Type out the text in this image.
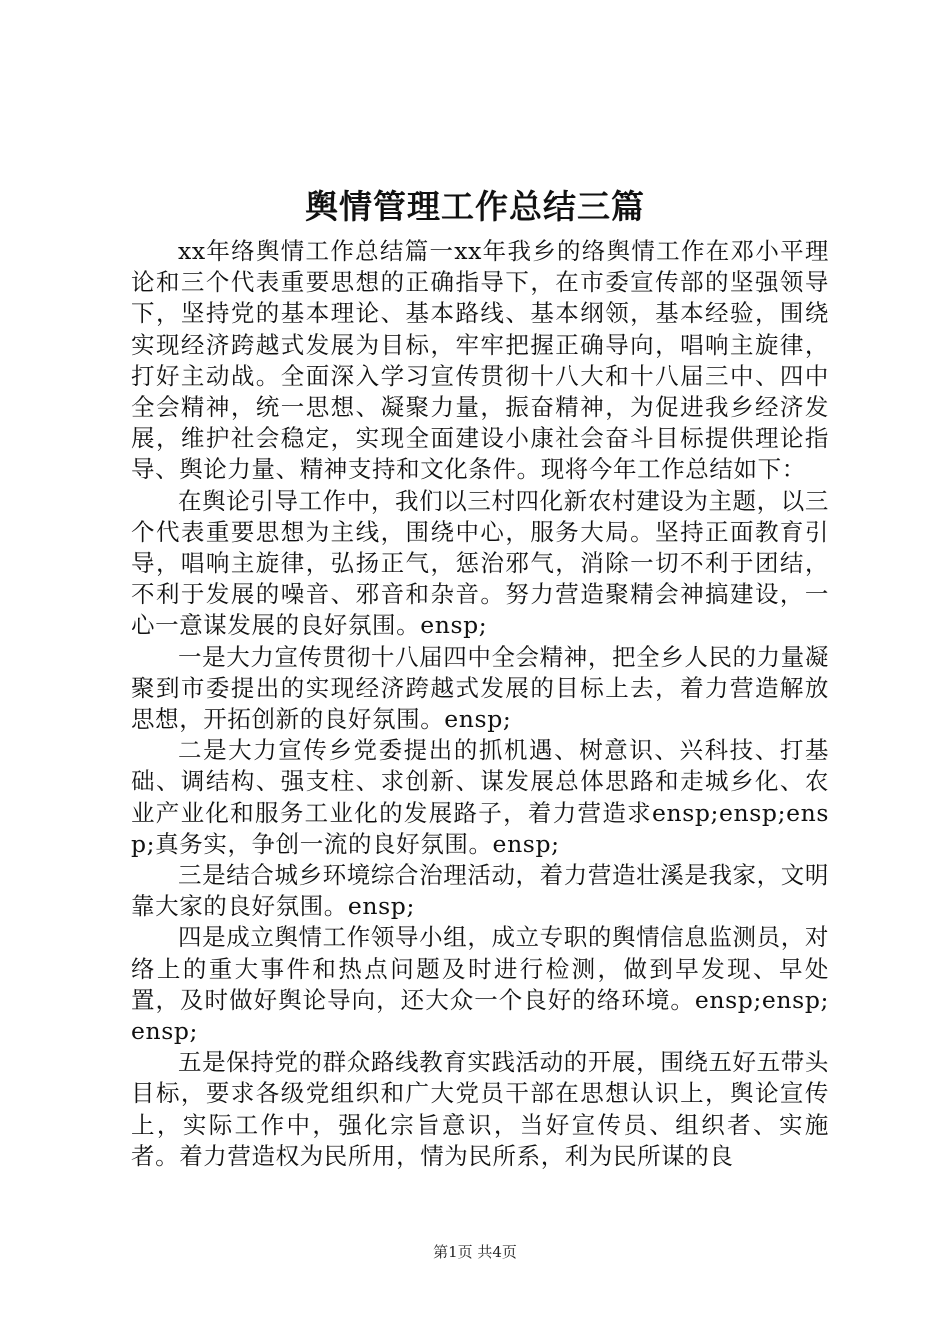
舆情管理工作总结三篇

xx年络舆情工作总结篇一xx年我乡的络舆情工作在邓小平理论和三个代表重要思想的正确指导下，在市委宣传部的坚强领导下，坚持党的基本理论、基本路线、基本纲领，基本经验，围绕实现经济跨越式发展为目标，牢牢把握正确导向，唱响主旋律，打好主动战。全面深入学习宣传贯彻十八大和十八届三中、四中全会精神，统一思想、凝聚力量，振奋精神，为促进我乡经济发展，维护社会稳定，实现全面建设小康社会奋斗目标提供理论指导、舆论力量、精神支持和文化条件。现将今年工作总结如下：

在舆论引导工作中，我们以三村四化新农村建设为主题，以三个代表重要思想为主线，围绕中心，服务大局。坚持正面教育引导，唱响主旋律，弘扬正气，惩治邪气，消除一切不利于团结，不利于发展的噪音、邪音和杂音。努力营造聚精会神搞建设，一心一意谋发展的良好氛围。ensp;

一是大力宣传贯彻十八届四中全会精神，把全乡人民的力量凝聚到市委提出的实现经济跨越式发展的目标上去，着力营造解放思想，开拓创新的良好氛围。ensp;

二是大力宣传乡党委提出的抓机遇、树意识、兴科技、打基础、调结构、强支柱、求创新、谋发展总体思路和走城乡化、农业产业化和服务工业化的发展路子，着力营造求ensp;ensp;ensp;真务实，争创一流的良好氛围。ensp;

三是结合城乡环境综合治理活动，着力营造壮溪是我家，文明靠大家的良好氛围。ensp;

四是成立舆情工作领导小组，成立专职的舆情信息监测员，对络上的重大事件和热点问题及时进行检测，做到早发现、早处置，及时做好舆论导向，还大众一个良好的络环境。ensp;ensp;ensp;

五是保持党的群众路线教育实践活动的开展，围绕五好五带头目标，要求各级党组织和广大党员干部在思想认识上，舆论宣传上，实际工作中，强化宗旨意识，当好宣传员、组织者、实施者。着力营造权为民所用，情为民所系，利为民所谋的良

第1页 共4页
